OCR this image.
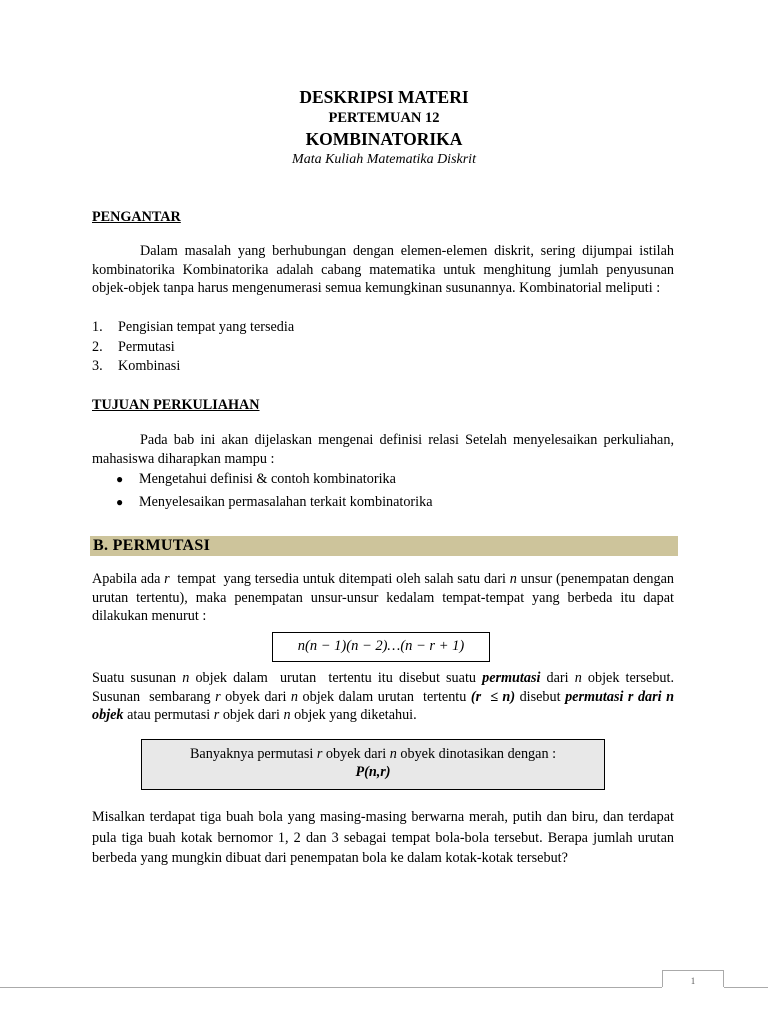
DESKRIPSI MATERI
PERTEMUAN 12
KOMBINATORIKA
Mata Kuliah Matematika Diskrit
PENGANTAR

Dalam masalah yang berhubungan dengan elemen-elemen diskrit, sering dijumpai istilah kombinatorika Kombinatorika adalah cabang matematika untuk menghitung jumlah penyusunan objek-objek tanpa harus mengenumerasi semua kemungkinan susunannya. Kombinatorial meliputi :

1. Pengisian tempat yang tersedia
2. Permutasi
3. Kombinasi
TUJUAN PERKULIAHAN

Pada bab ini akan dijelaskan mengenai definisi relasi Setelah menyelesaikan perkuliahan, mahasiswa diharapkan mampu :

● Mengetahui definisi & contoh kombinatorika
● Menyelesaikan permasalahan terkait kombinatorika
B. PERMUTASI

Apabila ada r  tempat  yang tersedia untuk ditempati oleh salah satu dari n unsur (penempatan dengan urutan tertentu), maka penempatan unsur-unsur kedalam tempat-tempat yang berbeda itu dapat dilakukan menurut :

n(n − 1)(n − 2)…(n − r + 1)

Suatu susunan n objek dalam  urutan  tertentu itu disebut suatu permutasi dari n objek tersebut. Susunan  sembarang r obyek dari n objek dalam urutan  tertentu (r  ≤ n) disebut permutasi r dari n objek atau permutasi r objek dari n objek yang diketahui.

Banyaknya permutasi r obyek dari n obyek dinotasikan dengan :
P(n,r)

Misalkan terdapat tiga buah bola yang masing-masing berwarna merah, putih dan biru, dan terdapat pula tiga buah kotak bernomor 1, 2 dan 3 sebagai tempat bola-bola tersebut. Berapa jumlah urutan berbeda yang mungkin dibuat dari penempatan bola ke dalam kotak-kotak tersebut?

1
